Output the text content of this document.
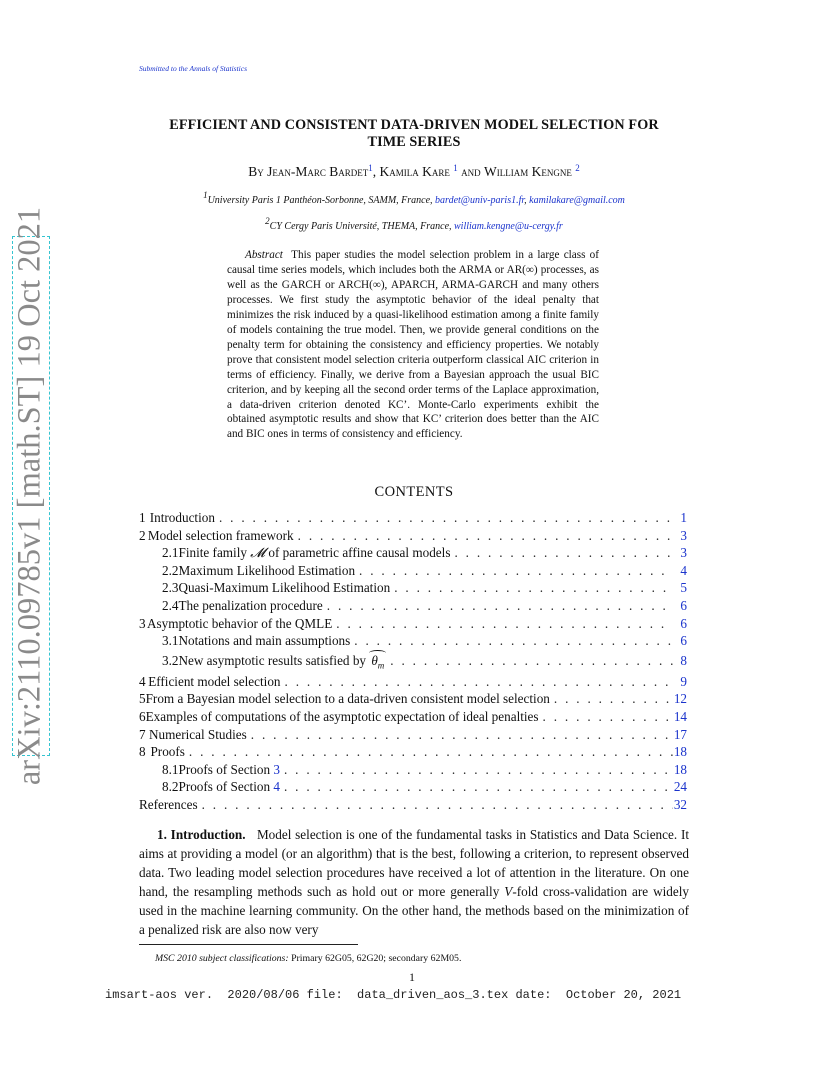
Submitted to the Annals of Statistics
EFFICIENT AND CONSISTENT DATA-DRIVEN MODEL SELECTION FOR
TIME SERIES
By Jean-Marc Bardet$^1$, Kamila Kare $^1$ and William Kengne $^2$
$^1$University Paris 1 Panthéon-Sorbonne, SAMM, France, bardet@univ-paris1.fr, kamilakare@gmail.com
$^2$CY Cergy Paris Université, THEMA, France, william.kengne@u-cergy.fr
Abstract This paper studies the model selection problem in a large class of causal time series models, which includes both the ARMA or AR(∞) processes, as well as the GARCH or ARCH(∞), APARCH, ARMA-GARCH and many others processes. We first study the asymptotic behavior of the ideal penalty that minimizes the risk induced by a quasi-likelihood estimation among a finite family of models containing the true model. Then, we provide general conditions on the penalty term for obtaining the consistency and efficiency properties. We notably prove that consistent model selection criteria outperform classical AIC criterion in terms of efficiency. Finally, we derive from a Bayesian approach the usual BIC criterion, and by keeping all the second order terms of the Laplace approximation, a data-driven criterion denoted KC’. Monte-Carlo experiments exhibit the obtained asymptotic results and show that KC’ criterion does better than the AIC and BIC ones in terms of consistency and efficiency.
arXiv:2110.09785v1 [math.ST] 19 Oct 2021	CONTENTS
1 Introduction . . .	1
2 Model selection framework . . .	3
2.1 Finite family 𝓜 of parametric affine causal models . . .	3
2.2 Maximum Likelihood Estimation . . .	4
2.3 Quasi-Maximum Likelihood Estimation . . .	5
2.4 The penalization procedure . . .	6
3 Asymptotic behavior of the QMLE . . .	6
3.1 Notations and main assumptions . . .	6
3.2 New asymptotic results satisfied by $\theta_m$ . . .	8
4 Efficient model selection . . .	9
5 From a Bayesian model selection to a data-driven consistent model selection . . .	12
6 Examples of computations of the asymptotic expectation of ideal penalties . . .	14
7 Numerical Studies . . .	17
8 Proofs . . .	18
8.1 Proofs of Section 3 . . .	18
8.2 Proofs of Section 4 . . .	24
References . . .	32
1. Introduction. Model selection is one of the fundamental tasks in Statistics and Data Science. It aims at providing a model (or an algorithm) that is the best, following a criterion, to represent observed data. Two leading model selection procedures have received a lot of attention in the literature. On one hand, the resampling methods such as hold out or more generally V-fold cross-validation are widely used in the machine learning community. On the other hand, the methods based on the minimization of a penalized risk are also now very
MSC 2010 subject classifications: Primary 62G05, 62G20; secondary 62M05.
1
imsart-aos ver.  2020/08/06 file:  data_driven_aos_3.tex date:  October 20, 2021
